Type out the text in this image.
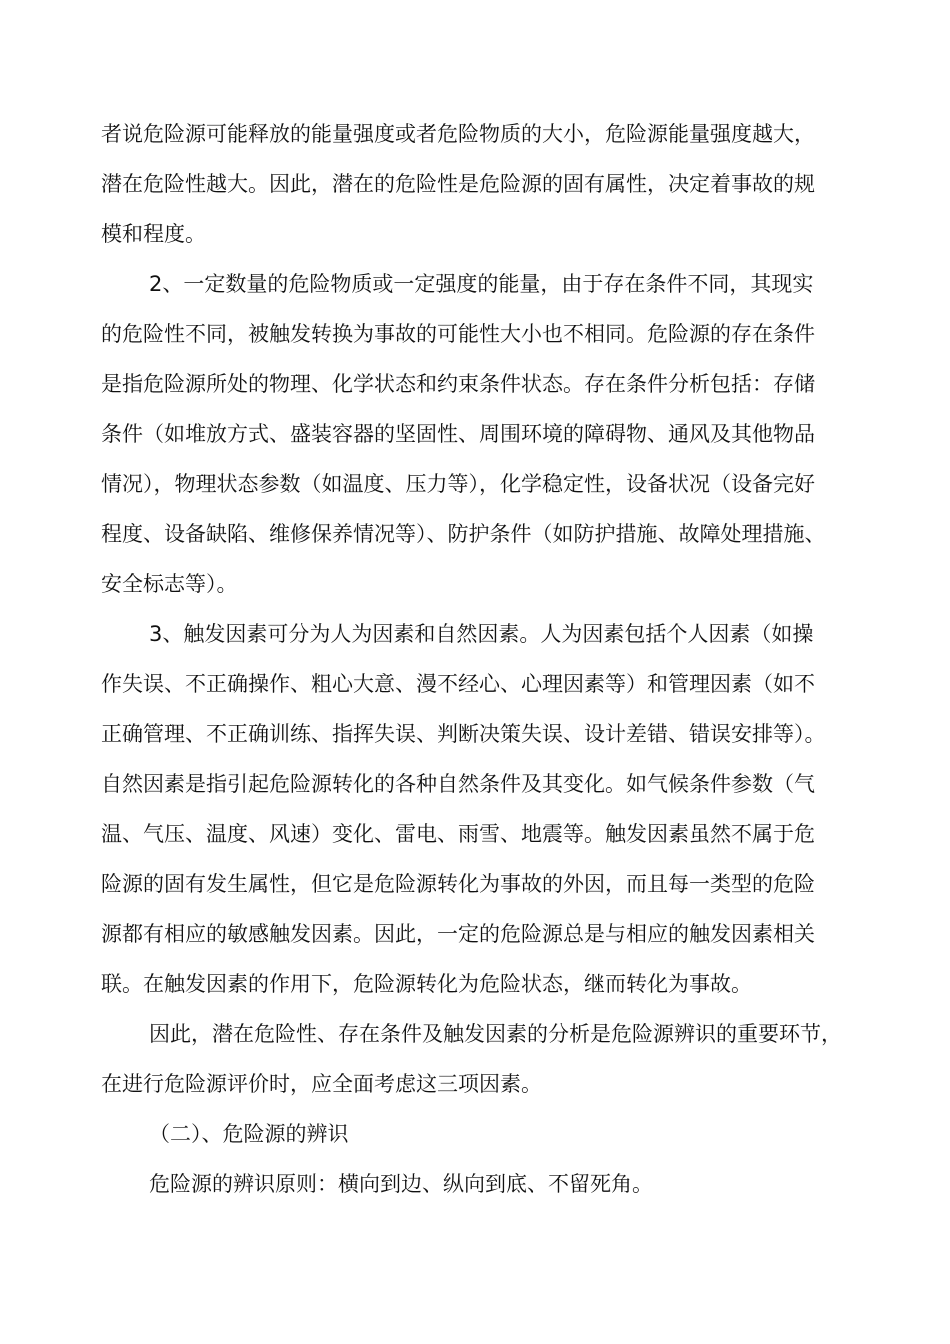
者说危险源可能释放的能量强度或者危险物质的大小，危险源能量强度越大，
潜在危险性越大。因此，潜在的危险性是危险源的固有属性，决定着事故的规
模和程度。
2、一定数量的危险物质或一定强度的能量，由于存在条件不同，其现实
的危险性不同，被触发转换为事故的可能性大小也不相同。危险源的存在条件
是指危险源所处的物理、化学状态和约束条件状态。存在条件分析包括：存储
条件（如堆放方式、盛装容器的坚固性、周围环境的障碍物、通风及其他物品
情况），物理状态参数（如温度、压力等），化学稳定性，设备状况（设备完好
程度、设备缺陷、维修保养情况等）、防护条件（如防护措施、故障处理措施、
安全标志等）。
3、触发因素可分为人为因素和自然因素。人为因素包括个人因素（如操
作失误、不正确操作、粗心大意、漫不经心、心理因素等）和管理因素（如不
正确管理、不正确训练、指挥失误、判断决策失误、设计差错、错误安排等）。
自然因素是指引起危险源转化的各种自然条件及其变化。如气候条件参数（气
温、气压、温度、风速）变化、雷电、雨雪、地震等。触发因素虽然不属于危
险源的固有发生属性，但它是危险源转化为事故的外因，而且每一类型的危险
源都有相应的敏感触发因素。因此，一定的危险源总是与相应的触发因素相关
联。在触发因素的作用下，危险源转化为危险状态，继而转化为事故。
因此，潜在危险性、存在条件及触发因素的分析是危险源辨识的重要环节，
在进行危险源评价时，应全面考虑这三项因素。
（二）、危险源的辨识
危险源的辨识原则：横向到边、纵向到底、不留死角。
